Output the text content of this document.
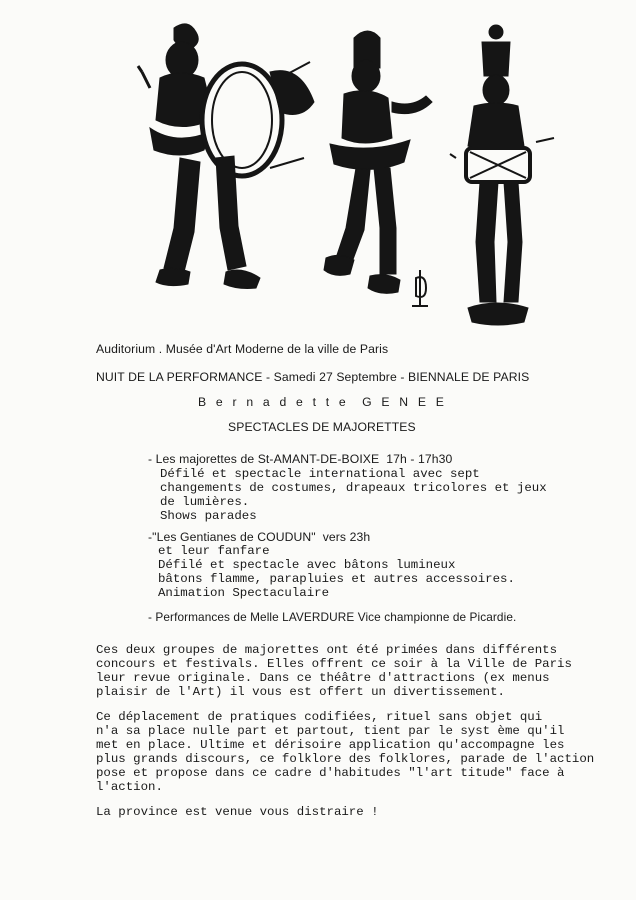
Auditorium . Musée d'Art Moderne de la ville de Paris
NUIT DE LA PERFORMANCE - Samedi 27 Septembre - BIENNALE DE PARIS
B e r n a d e t t e  G E N E E
SPECTACLES DE MAJORETTES
- Les majorettes de St-AMANT-DE-BOIXE  17h - 17h30
Défilé et spectacle international avec sept
changements de costumes, drapeaux tricolores et jeux
de lumières.
Shows parades
-"Les Gentianes de COUDUN"  vers 23h
et leur fanfare
Défilé et spectacle avec bâtons lumineux
bâtons flamme, parapluies et autres accessoires.
Animation Spectaculaire
- Performances de Melle LAVERDURE Vice championne de Picardie.
Ces deux groupes de majorettes ont été primées dans différents
concours et festivals. Elles offrent ce soir à la Ville de Paris
leur revue originale. Dans ce théâtre d'attractions (ex menus
plaisir de l'Art) il vous est offert un divertissement.
Ce déplacement de pratiques codifiées, rituel sans objet qui
n'a sa place nulle part et partout, tient par le syst ème qu'il
met en place. Ultime et dérisoire application qu'accompagne les
plus grands discours, ce folklore des folklores, parade de l'action
pose et propose dans ce cadre d'habitudes "l'art titude" face à
l'action.
La province est venue vous distraire !
